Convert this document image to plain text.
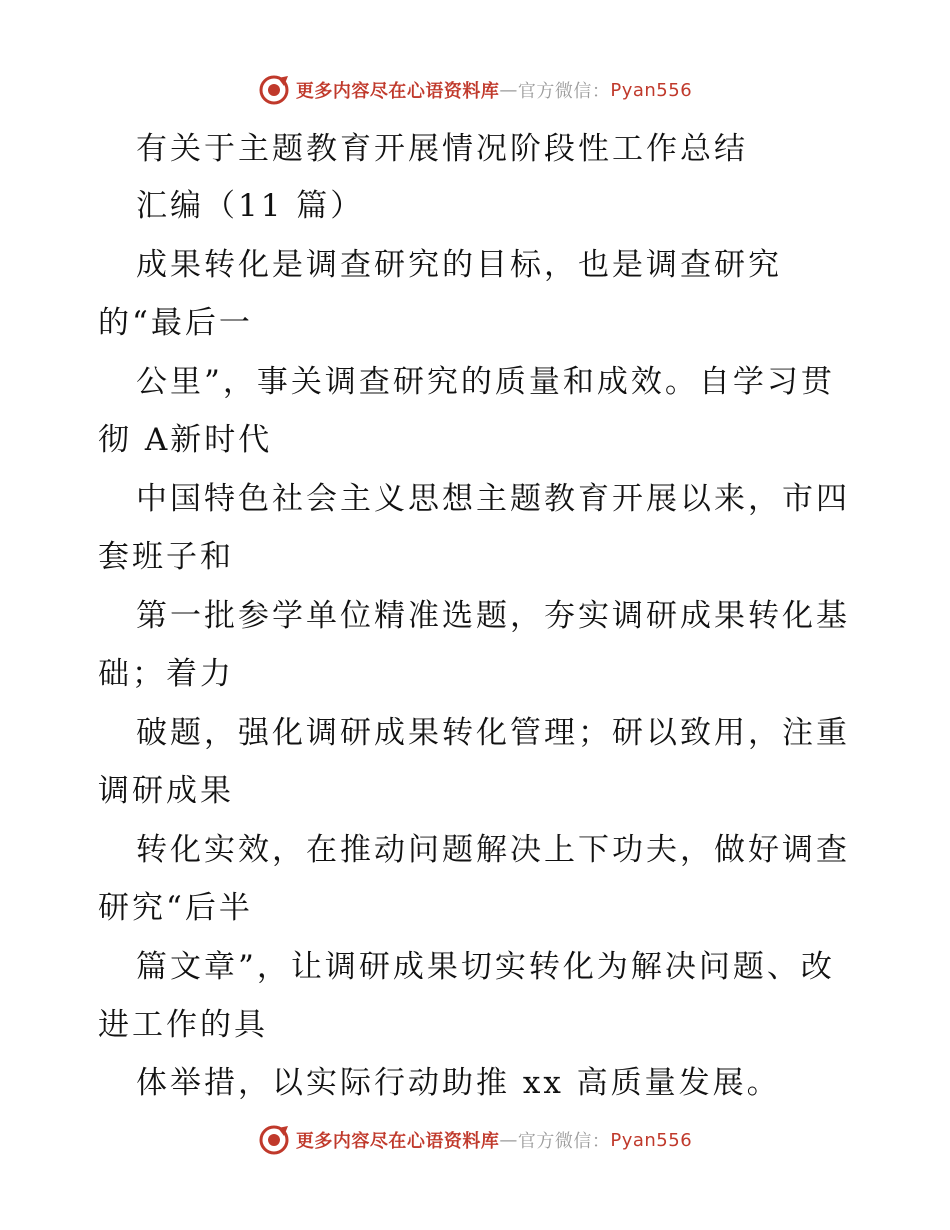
更多内容尽在心语资料库 — 官方微信： Pyan556
有关于主题教育开展情况阶段性工作总结
汇编（11 篇）
成果转化是调查研究的目标，也是调查研究
的“最后一
公里”，事关调查研究的质量和成效。自学习贯
彻 A新时代
中国特色社会主义思想主题教育开展以来，市四
套班子和
第一批参学单位精准选题，夯实调研成果转化基
础；着力
破题，强化调研成果转化管理；研以致用，注重
调研成果
转化实效，在推动问题解决上下功夫，做好调查
研究“后半
篇文章”，让调研成果切实转化为解决问题、改
进工作的具
体举措，以实际行动助推 xx 高质量发展。
更多内容尽在心语资料库 — 官方微信： Pyan556
